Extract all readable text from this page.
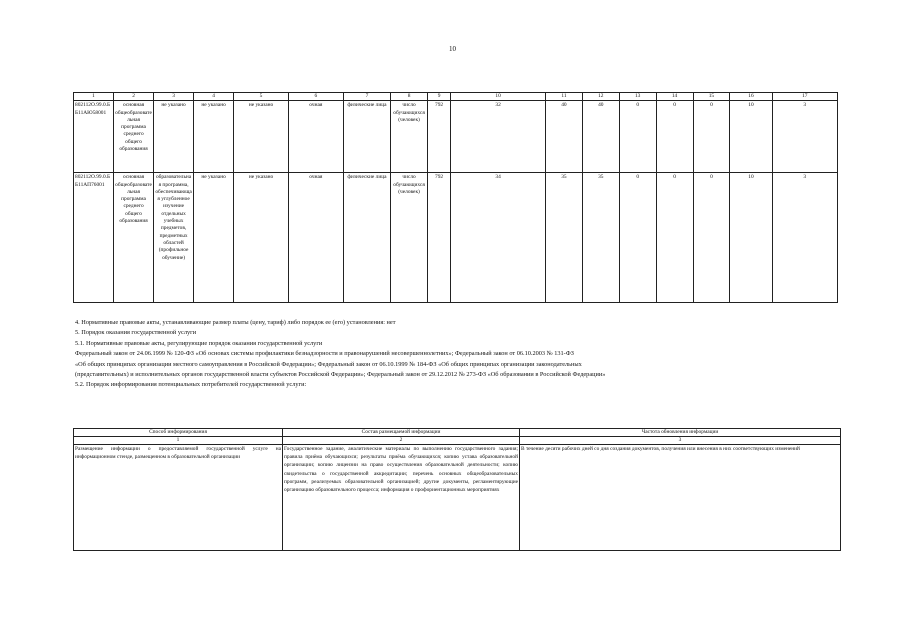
10
1	2	3	4	5	6	7	8	9	10	11	12	13	14	15	16	17
802112О.99.0.ББ11АЮ58001	основная общеобразовательная программа среднего общего образования	не указано	не указано	не указано	очная	физические лица	число обучающихся (человек)	792	32	40	40	0	0	0	10	3
802112О.99.0.ББ11АП76001	основная общеобразовательная программа среднего общего образования	образовательная программа, обеспечивающая углубленное изучение отдельных учебных предметов, предметных областей (профильное обучение)	не указано	не указано	очная	физические лица	число обучающихся (человек)	792	34	35	35	0	0	0	10	3
4. Нормативные правовые акты, устанавливающие размер платы (цену, тариф) либо порядок ее (его) установления: нет
5. Порядок оказания государственной услуги
5.1. Нормативные правовые акты, регулирующие порядок оказания государственной услуги
Федеральный закон от 24.06.1999 № 120-ФЗ «Об основах системы профилактики безнадзорности и правонарушений несовершеннолетних»; Федеральный закон от 06.10.2003 № 131-ФЗ
«Об общих принципах организации местного самоуправления в Российской Федерации»; Федеральный закон от 06.10.1999 № 184-ФЗ «Об общих принципах организации законодательных
(представительных) и исполнительных органов государственной власти субъектов Российской Федерации»; Федеральный закон от 29.12.2012 № 273-ФЗ «Об образовании в Российской Федерации»
5.2. Порядок информирования потенциальных потребителей государственной услуги:
Способ информирования	Состав размещаемой информации	Частота обновления информации
1	2	3
Размещение информации о предоставляемой государственной услуге на информационном стенде, размещенном в образовательной организации	Государственное задание, аналитические материалы по выполнению государственного задания; правила приёма обучающихся; результаты приёма обучающихся; копию устава образовательной организации; копию лицензии на право осуществления образовательной деятельности; копию свидетельства о государственной аккредитации; перечень основных общеобразовательных программ, реализуемых образовательной организацией; другие документы, регламентирующие организацию образовательного процесса; информация о профориентационных мероприятиях	В течение десяти рабочих дней со дня создания документов, получения или внесения в них соответствующих изменений
